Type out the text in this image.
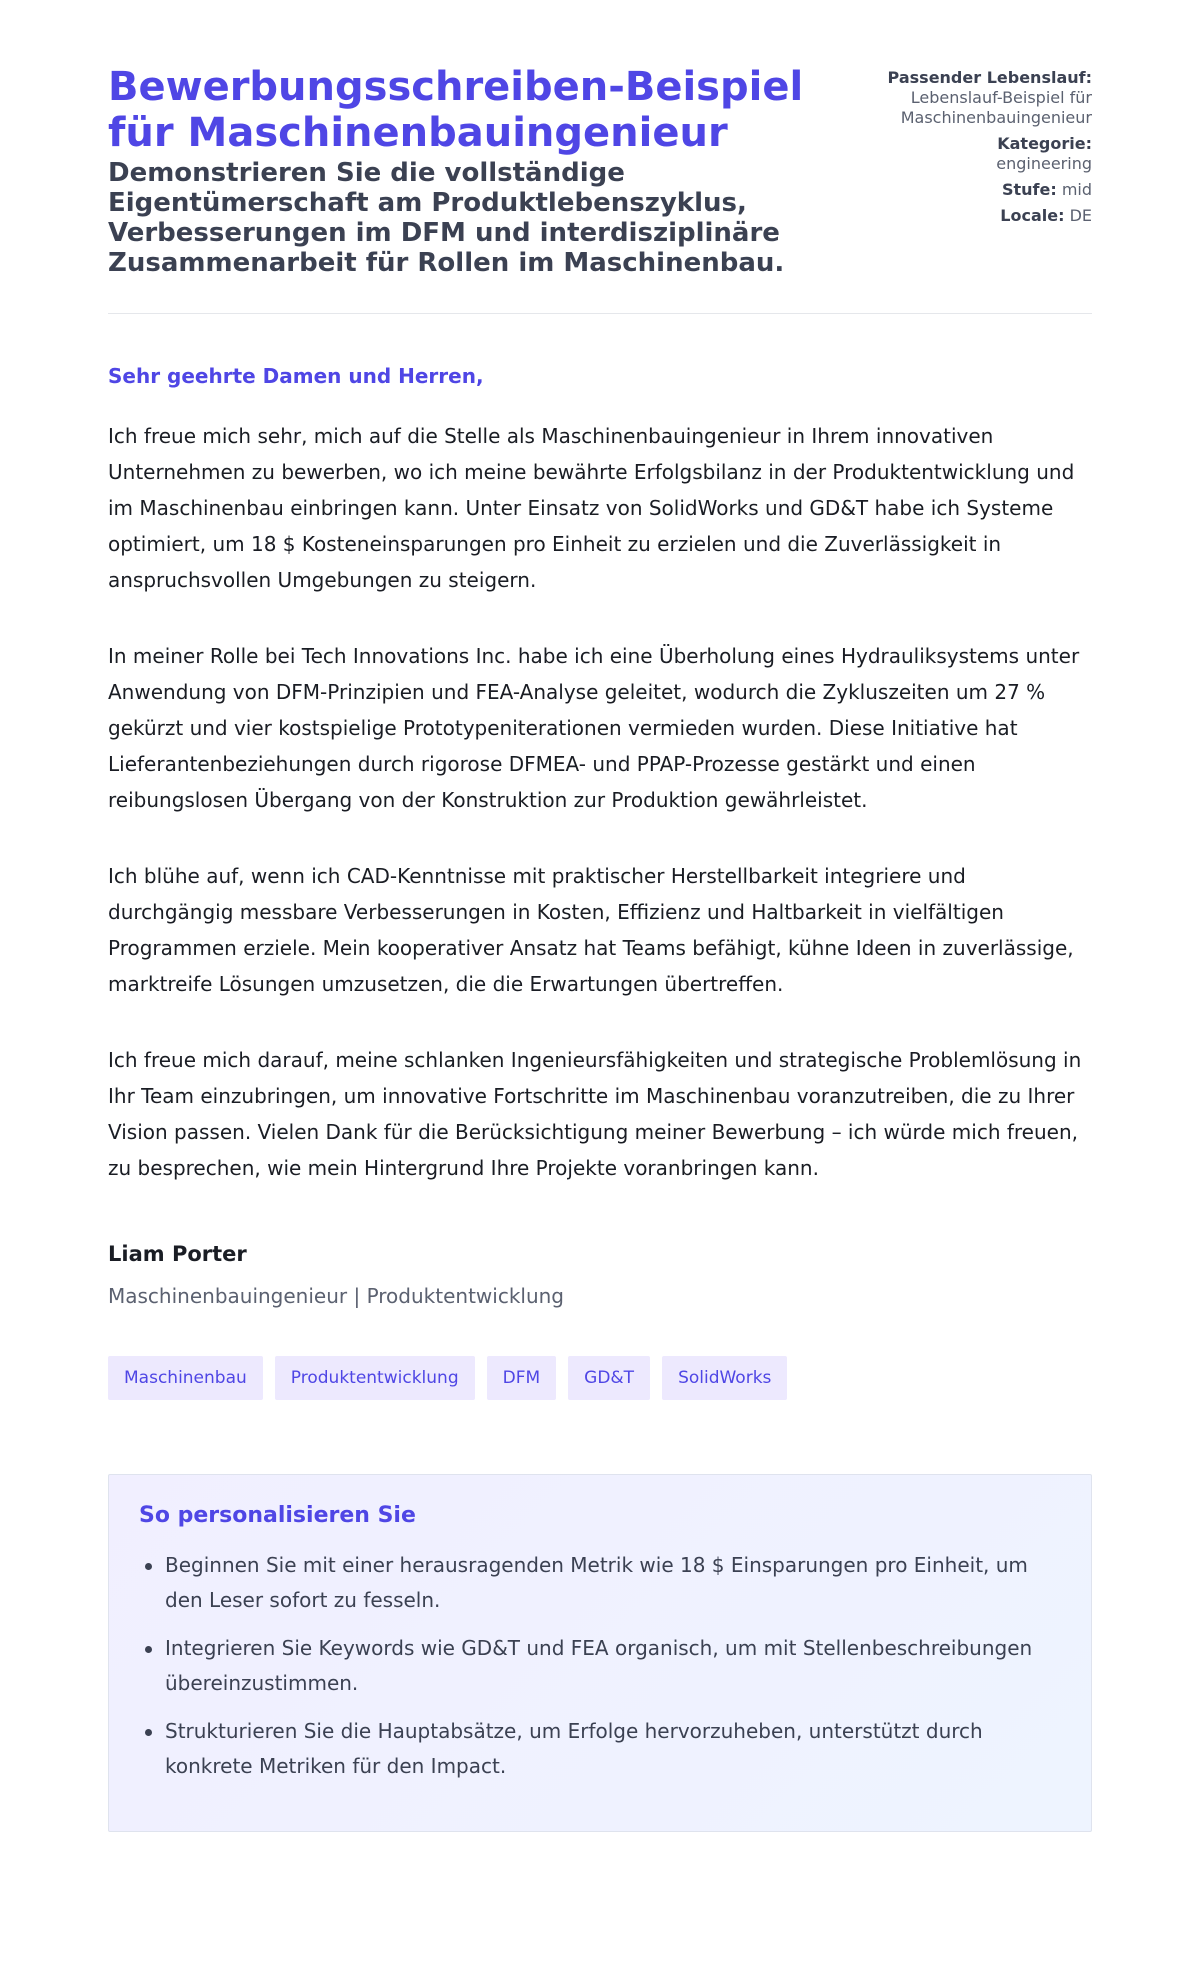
Bewerbungsschreiben-Beispiel für Maschinenbauingenieur
Demonstrieren Sie die vollständige Eigentümerschaft am Produktlebenszyklus, Verbesserungen im DFM und interdisziplinäre Zusammenarbeit für Rollen im Maschinenbau.
Passender Lebenslauf:
Lebenslauf-Beispiel für Maschinenbauingenieur
Kategorie:
engineering
Stufe: mid
Locale: DE

Sehr geehrte Damen und Herren,

Ich freue mich sehr, mich auf die Stelle als Maschinenbauingenieur in Ihrem innovativen Unternehmen zu bewerben, wo ich meine bewährte Erfolgsbilanz in der Produktentwicklung und im Maschinenbau einbringen kann. Unter Einsatz von SolidWorks und GD&T habe ich Systeme optimiert, um 18 $ Kosteneinsparungen pro Einheit zu erzielen und die Zuverlässigkeit in anspruchsvollen Umgebungen zu steigern.

In meiner Rolle bei Tech Innovations Inc. habe ich eine Überholung eines Hydrauliksystems unter Anwendung von DFM-Prinzipien und FEA-Analyse geleitet, wodurch die Zykluszeiten um 27 % gekürzt und vier kostspielige Prototypeniterationen vermieden wurden. Diese Initiative hat Lieferantenbeziehungen durch rigorose DFMEA- und PPAP-Prozesse gestärkt und einen reibungslosen Übergang von der Konstruktion zur Produktion gewährleistet.

Ich blühe auf, wenn ich CAD-Kenntnisse mit praktischer Herstellbarkeit integriere und durchgängig messbare Verbesserungen in Kosten, Effizienz und Haltbarkeit in vielfältigen Programmen erziele. Mein kooperativer Ansatz hat Teams befähigt, kühne Ideen in zuverlässige, marktreife Lösungen umzusetzen, die die Erwartungen übertreffen.

Ich freue mich darauf, meine schlanken Ingenieursfähigkeiten und strategische Problemlösung in Ihr Team einzubringen, um innovative Fortschritte im Maschinenbau voranzutreiben, die zu Ihrer Vision passen. Vielen Dank für die Berücksichtigung meiner Bewerbung – ich würde mich freuen, zu besprechen, wie mein Hintergrund Ihre Projekte voranbringen kann.

Liam Porter
Maschinenbauingenieur | Produktentwicklung
Maschinenbau	Produktentwicklung	DFM	GD&T	SolidWorks
So personalisieren Sie
Beginnen Sie mit einer herausragenden Metrik wie 18 $ Einsparungen pro Einheit, um den Leser sofort zu fesseln.
Integrieren Sie Keywords wie GD&T und FEA organisch, um mit Stellenbeschreibungen übereinzustimmen.
Strukturieren Sie die Hauptabsätze, um Erfolge hervorzuheben, unterstützt durch konkrete Metriken für den Impact.
